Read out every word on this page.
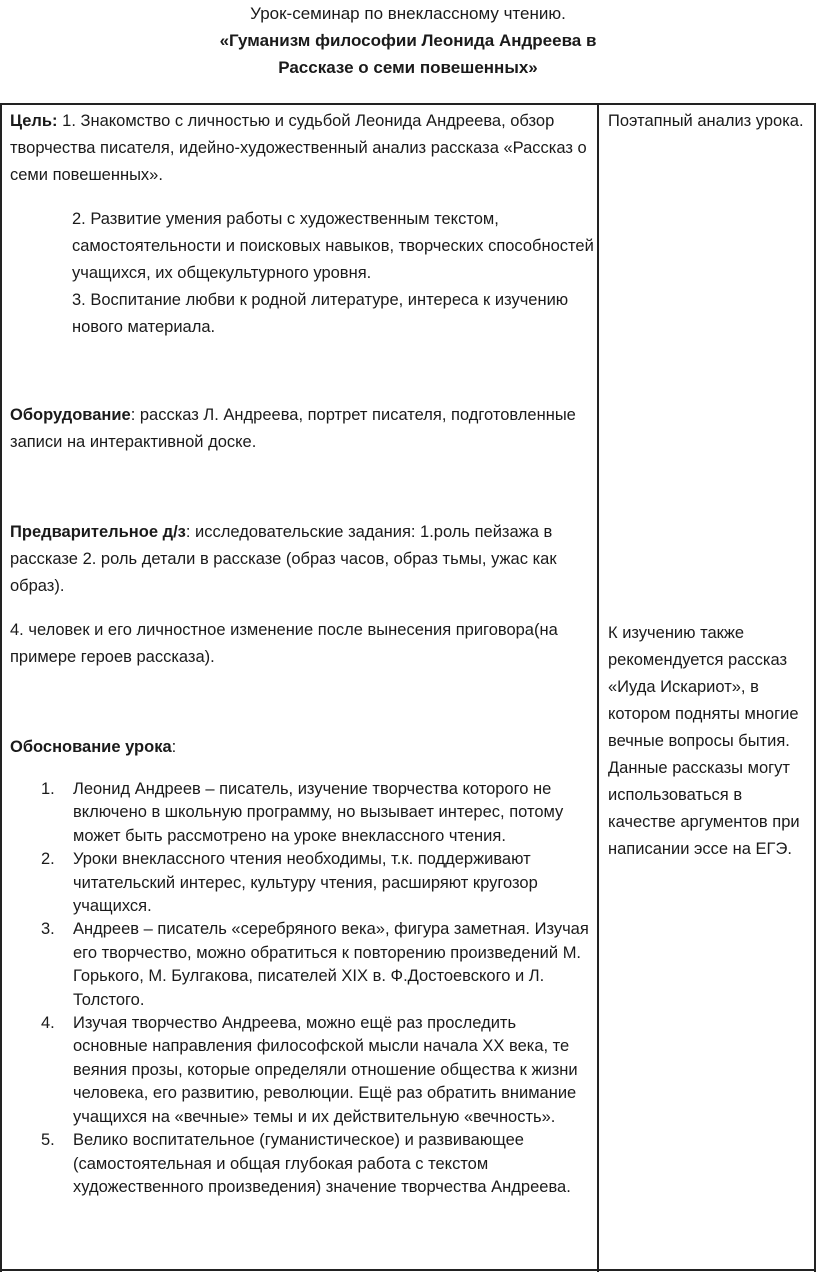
Урок-семинар по внеклассному чтению.
«Гуманизм философии Леонида Андреева в
Рассказе о семи повешенных»

Цель: 1. Знакомство с личностью и судьбой Леонида Андреева, обзор творчества писателя, идейно-художественный анализ рассказа «Рассказ о семи повешенных».

2. Развитие умения работы с художественным текстом, самостоятельности и поисковых навыков, творческих способностей учащихся, их общекультурного уровня.

3. Воспитание любви к родной литературе, интереса к изучению нового материала.

Оборудование: рассказ Л. Андреева, портрет писателя, подготовленные записи на интерактивной доске.

Предварительное д/з: исследовательские задания: 1.роль пейзажа в рассказе 2. роль детали в рассказе (образ часов, образ тьмы, ужас как образ).

4. человек и его личностное изменение после вынесения приговора(на примере героев рассказа).

Обоснование урока:

1. Леонид Андреев – писатель, изучение творчества которого не включено в школьную программу, но вызывает интерес, потому может быть рассмотрено на уроке внеклассного чтения.
2. Уроки внеклассного чтения необходимы, т.к. поддерживают читательский интерес, культуру чтения, расширяют кругозор учащихся.
3. Андреев – писатель «серебряного века», фигура заметная. Изучая его творчество, можно обратиться к повторению произведений М. Горького, М. Булгакова, писателей XIX в. Ф.Достоевского и Л. Толстого.
4. Изучая творчество Андреева, можно ещё раз проследить основные направления философской мысли начала XX века, те веяния прозы, которые определяли отношение общества к жизни человека, его развитию, революции. Ещё раз обратить внимание учащихся на «вечные» темы и их действительную «вечность».
5. Велико воспитательное (гуманистическое) и развивающее (самостоятельная и общая глубокая работа с текстом художественного произведения) значение творчества Андреева.
Поэтапный анализ урока.
К изучению также рекомендуется рассказ «Иуда Искариот», в котором подняты многие вечные вопросы бытия. Данные рассказы могут использоваться в качестве аргументов при написании эссе на ЕГЭ.
